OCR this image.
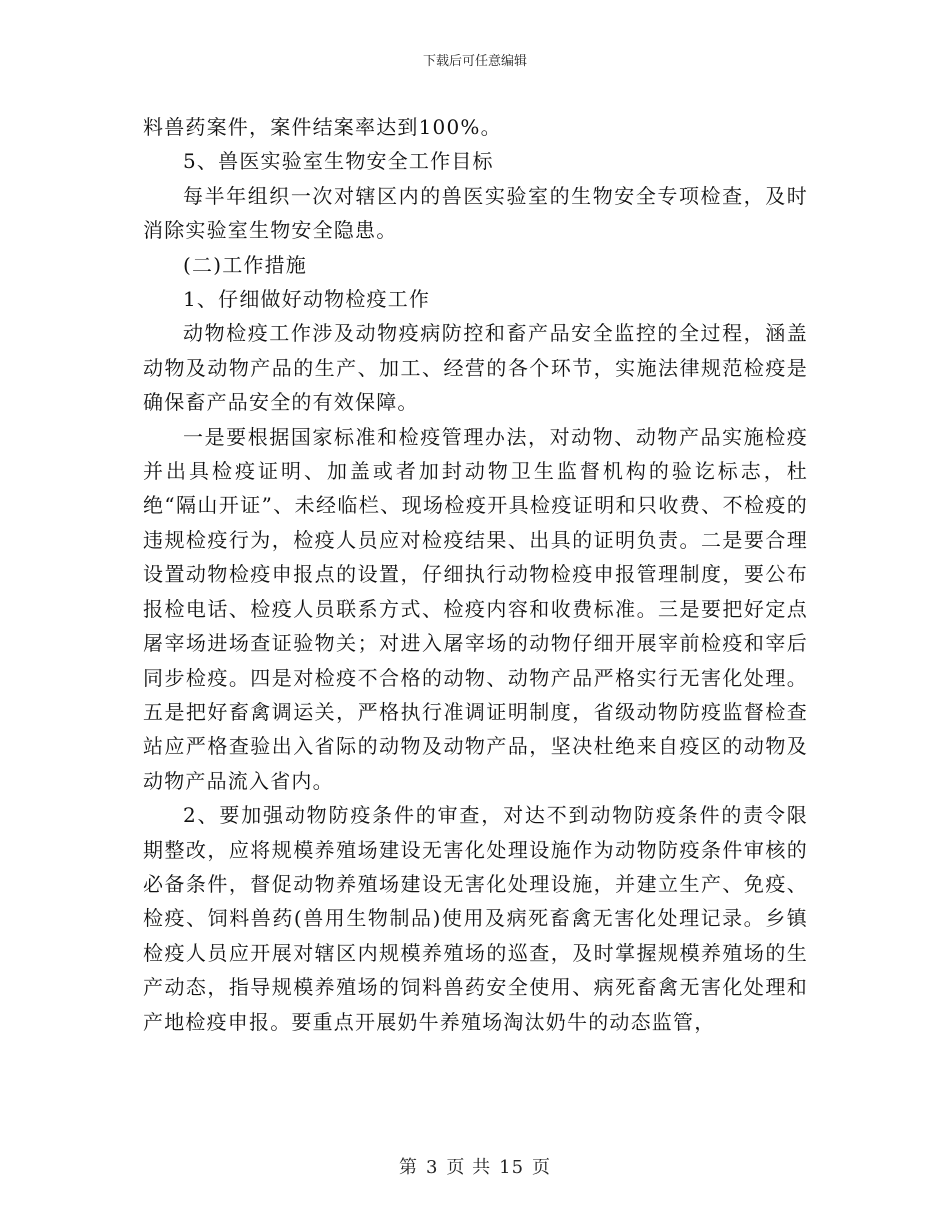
下载后可任意编辑

料兽药案件，案件结案率达到100%。

5、兽医实验室生物安全工作目标

每半年组织一次对辖区内的兽医实验室的生物安全专项检查，及时消除实验室生物安全隐患。

(二)工作措施

1、仔细做好动物检疫工作

动物检疫工作涉及动物疫病防控和畜产品安全监控的全过程，涵盖动物及动物产品的生产、加工、经营的各个环节，实施法律规范检疫是确保畜产品安全的有效保障。

一是要根据国家标准和检疫管理办法，对动物、动物产品实施检疫并出具检疫证明、加盖或者加封动物卫生监督机构的验讫标志，杜绝“隔山开证”、未经临栏、现场检疫开具检疫证明和只收费、不检疫的违规检疫行为，检疫人员应对检疫结果、出具的证明负责。二是要合理设置动物检疫申报点的设置，仔细执行动物检疫申报管理制度，要公布报检电话、检疫人员联系方式、检疫内容和收费标准。三是要把好定点屠宰场进场查证验物关；对进入屠宰场的动物仔细开展宰前检疫和宰后同步检疫。四是对检疫不合格的动物、动物产品严格实行无害化处理。五是把好畜禽调运关，严格执行准调证明制度，省级动物防疫监督检查站应严格查验出入省际的动物及动物产品，坚决杜绝来自疫区的动物及动物产品流入省内。

2、要加强动物防疫条件的审查，对达不到动物防疫条件的责令限期整改，应将规模养殖场建设无害化处理设施作为动物防疫条件审核的必备条件，督促动物养殖场建设无害化处理设施，并建立生产、免疫、检疫、饲料兽药(兽用生物制品)使用及病死畜禽无害化处理记录。乡镇检疫人员应开展对辖区内规模养殖场的巡查，及时掌握规模养殖场的生产动态，指导规模养殖场的饲料兽药安全使用、病死畜禽无害化处理和产地检疫申报。要重点开展奶牛养殖场淘汰奶牛的动态监管，

第 3 页 共 15 页
